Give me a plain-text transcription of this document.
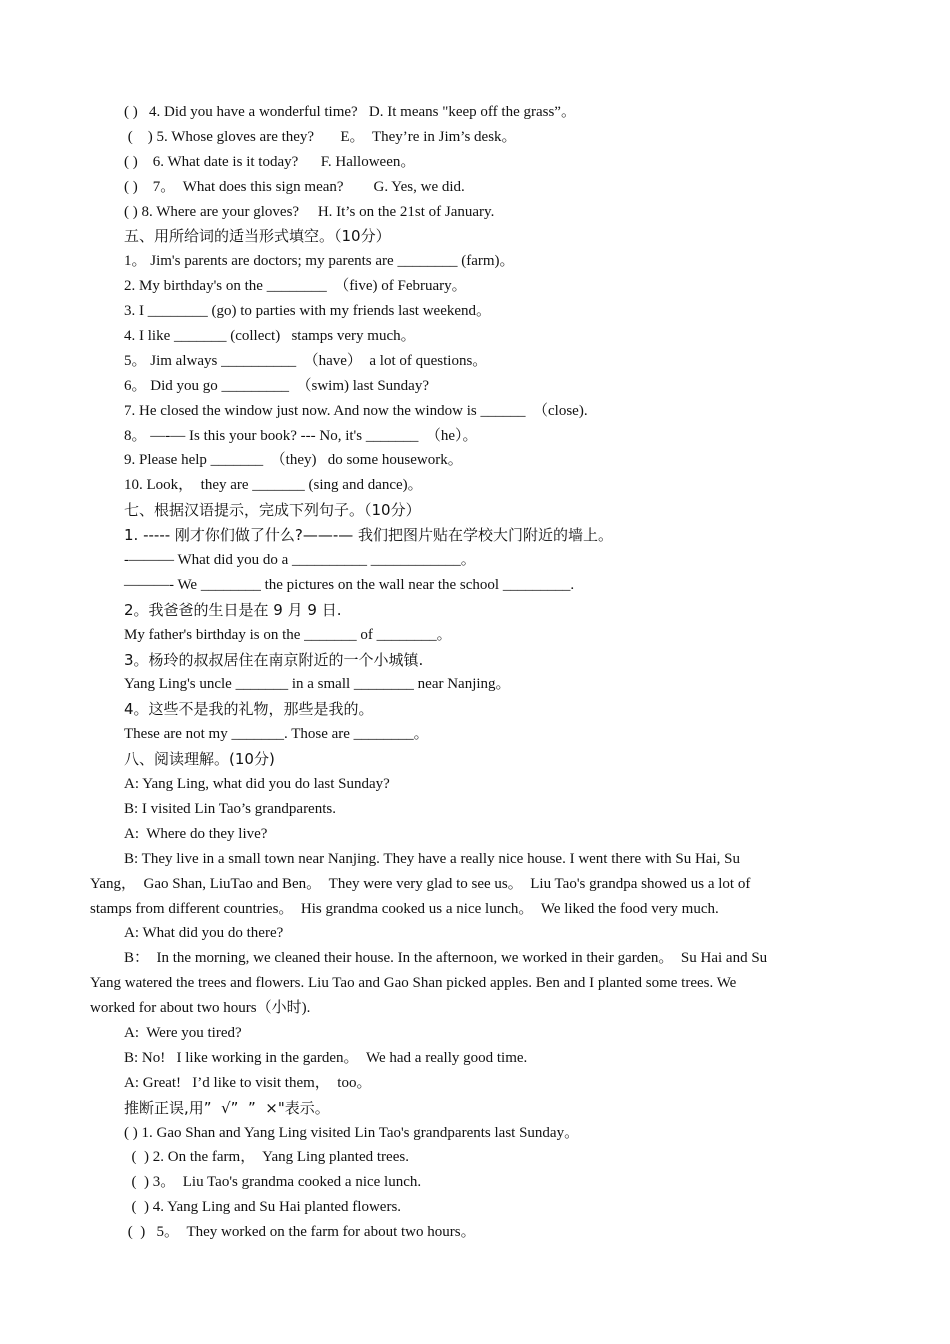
( )   4. Did you have a wonderful time?   D. It means "keep off the grass”。
(    ) 5. Whose gloves are they?       E。  They’re in Jim’s desk。
( )    6. What date is it today?      F. Halloween。
( )    7。  What does this sign mean?        G. Yes, we did.
( ) 8. Where are your gloves?     H. It’s on the 21st of January.
五、用所给词的适当形式填空。（10分）
1。 Jim's parents are doctors; my parents are ________ (farm)。
2. My birthday's on the ________  （five) of February。
3. I ________ (go) to parties with my friends last weekend。
4. I like _______ (collect)   stamps very much。
5。 Jim always __________  （have）  a lot of questions。
6。 Did you go _________  （swim) last Sunday?
7. He closed the window just now. And now the window is ______  （close).
8。 —-— Is this your book? --- No, it's _______  （he）。
9. Please help _______  （they)   do some housework。
10. Look，  they are _______ (sing and dance)。
七、根据汉语提示，完成下列句子。（10分）
1. ----- 刚才你们做了什么?——-— 我们把图片贴在学校大门附近的墙上。
-——— What did you do a __________ ____________。
———- We ________ the pictures on the wall near the school _________.
2。我爸爸的生日是在 9 月 9 日.
My father's birthday is on the _______ of ________。
3。杨玲的叔叔居住在南京附近的一个小城镇.
Yang Ling's uncle _______ in a small ________ near Nanjing。
4。这些不是我的礼物，那些是我的。
These are not my _______. Those are ________。
八、阅读理解。(10分)
A: Yang Ling, what did you do last Sunday?
B: I visited Lin Tao’s grandparents.
A:  Where do they live?
B: They live in a small town near Nanjing. They have a really nice house. I went there with Su Hai, Su
Yang，  Gao Shan, LiuTao and Ben。  They were very glad to see us。  Liu Tao's grandpa showed us a lot of
stamps from different countries。  His grandma cooked us a nice lunch。  We liked the food very much.
A: What did you do there?
B：  In the morning, we cleaned their house. In the afternoon, we worked in their garden。  Su Hai and Su
Yang watered the trees and flowers. Liu Tao and Gao Shan picked apples. Ben and I planted some trees. We
worked for about two hours（小时).
A:  Were you tired?
B: No!   I like working in the garden。  We had a really good time.
A: Great!   I’d like to visit them，  too。
推断正误,用”  √”  ”  ×"表示。
( ) 1. Gao Shan and Yang Ling visited Lin Tao's grandparents last Sunday。
(  ) 2. On the farm，  Yang Ling planted trees.
(  ) 3。  Liu Tao's grandma cooked a nice lunch.
(  ) 4. Yang Ling and Su Hai planted flowers.
(  )   5。  They worked on the farm for about two hours。
